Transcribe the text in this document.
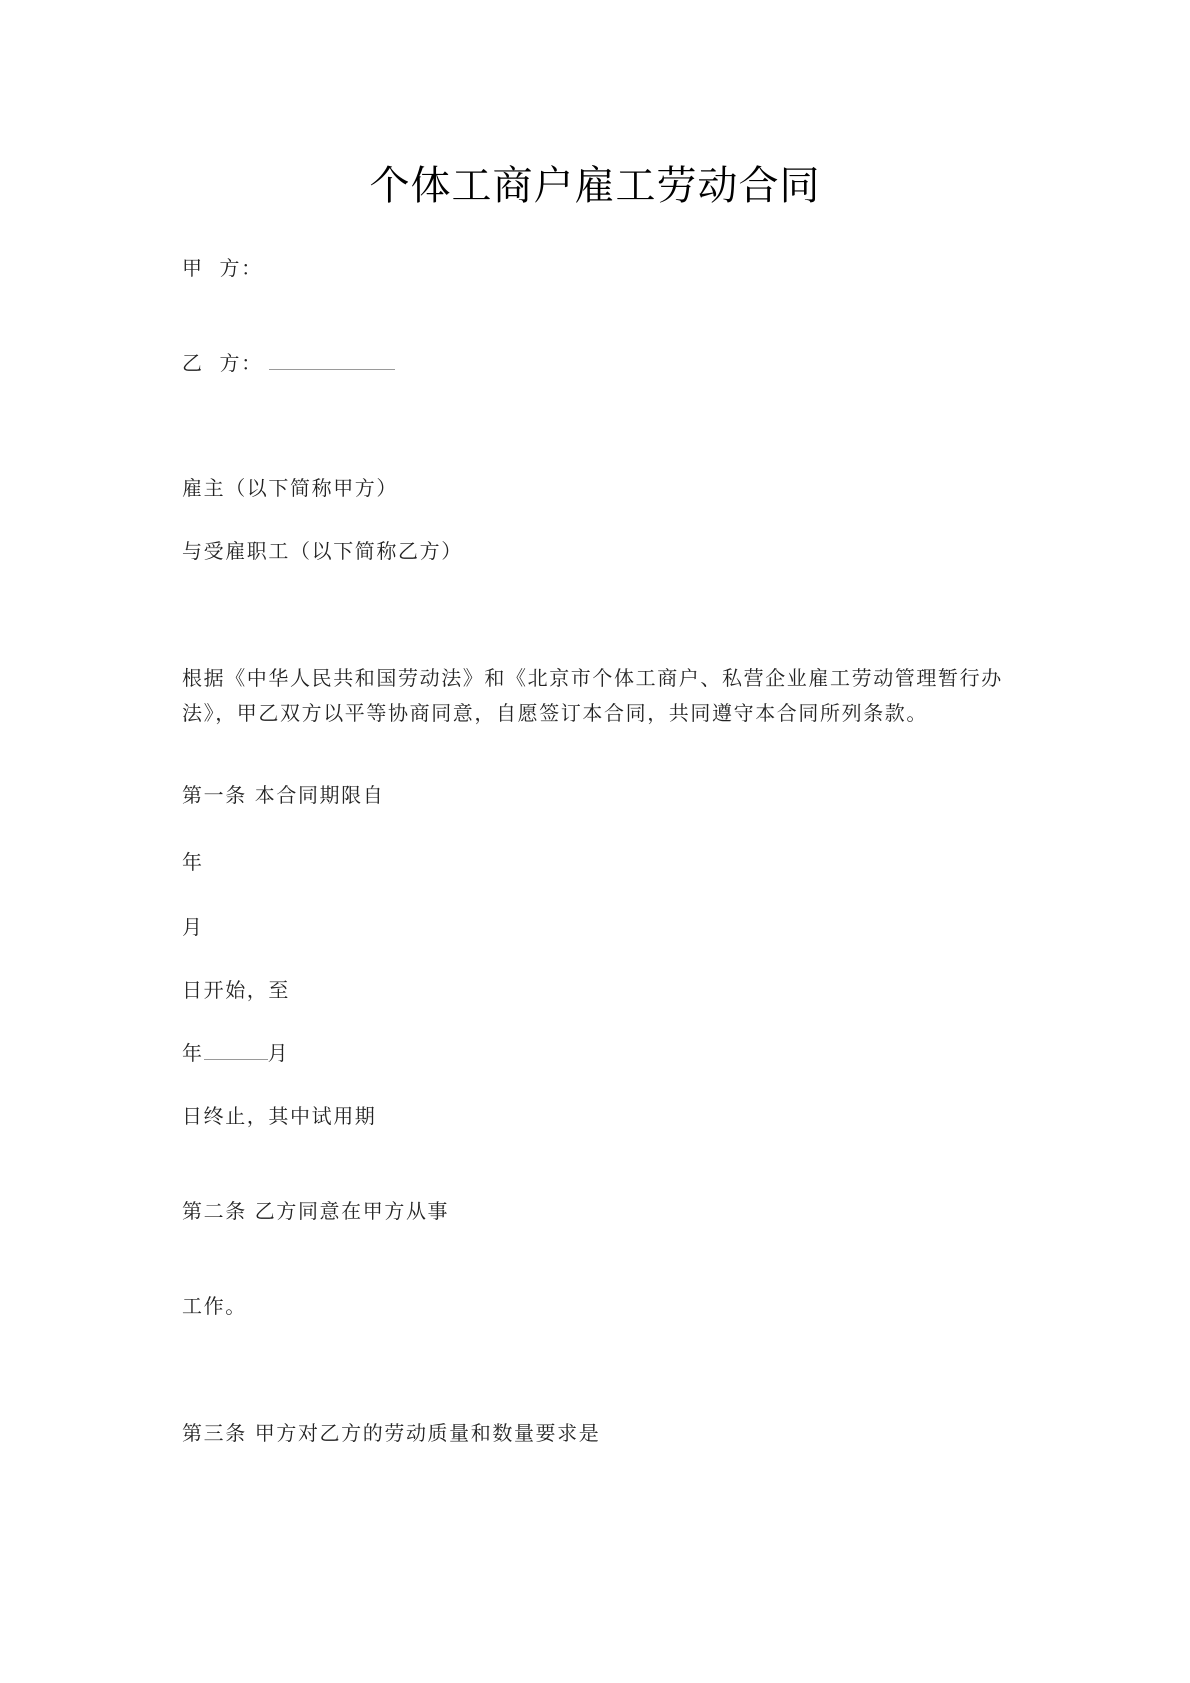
个体工商户雇工劳动合同
甲  方：
乙  方：
雇主（以下简称甲方）
与受雇职工（以下简称乙方）
根据《中华人民共和国劳动法》和《北京市个体工商户、私营企业雇工劳动管理暂行办
法》，甲乙双方以平等协商同意，自愿签订本合同，共同遵守本合同所列条款。
第一条 本合同期限自
年
月
日开始，至
年	月
日终止，其中试用期
第二条 乙方同意在甲方从事
工作。
第三条 甲方对乙方的劳动质量和数量要求是
